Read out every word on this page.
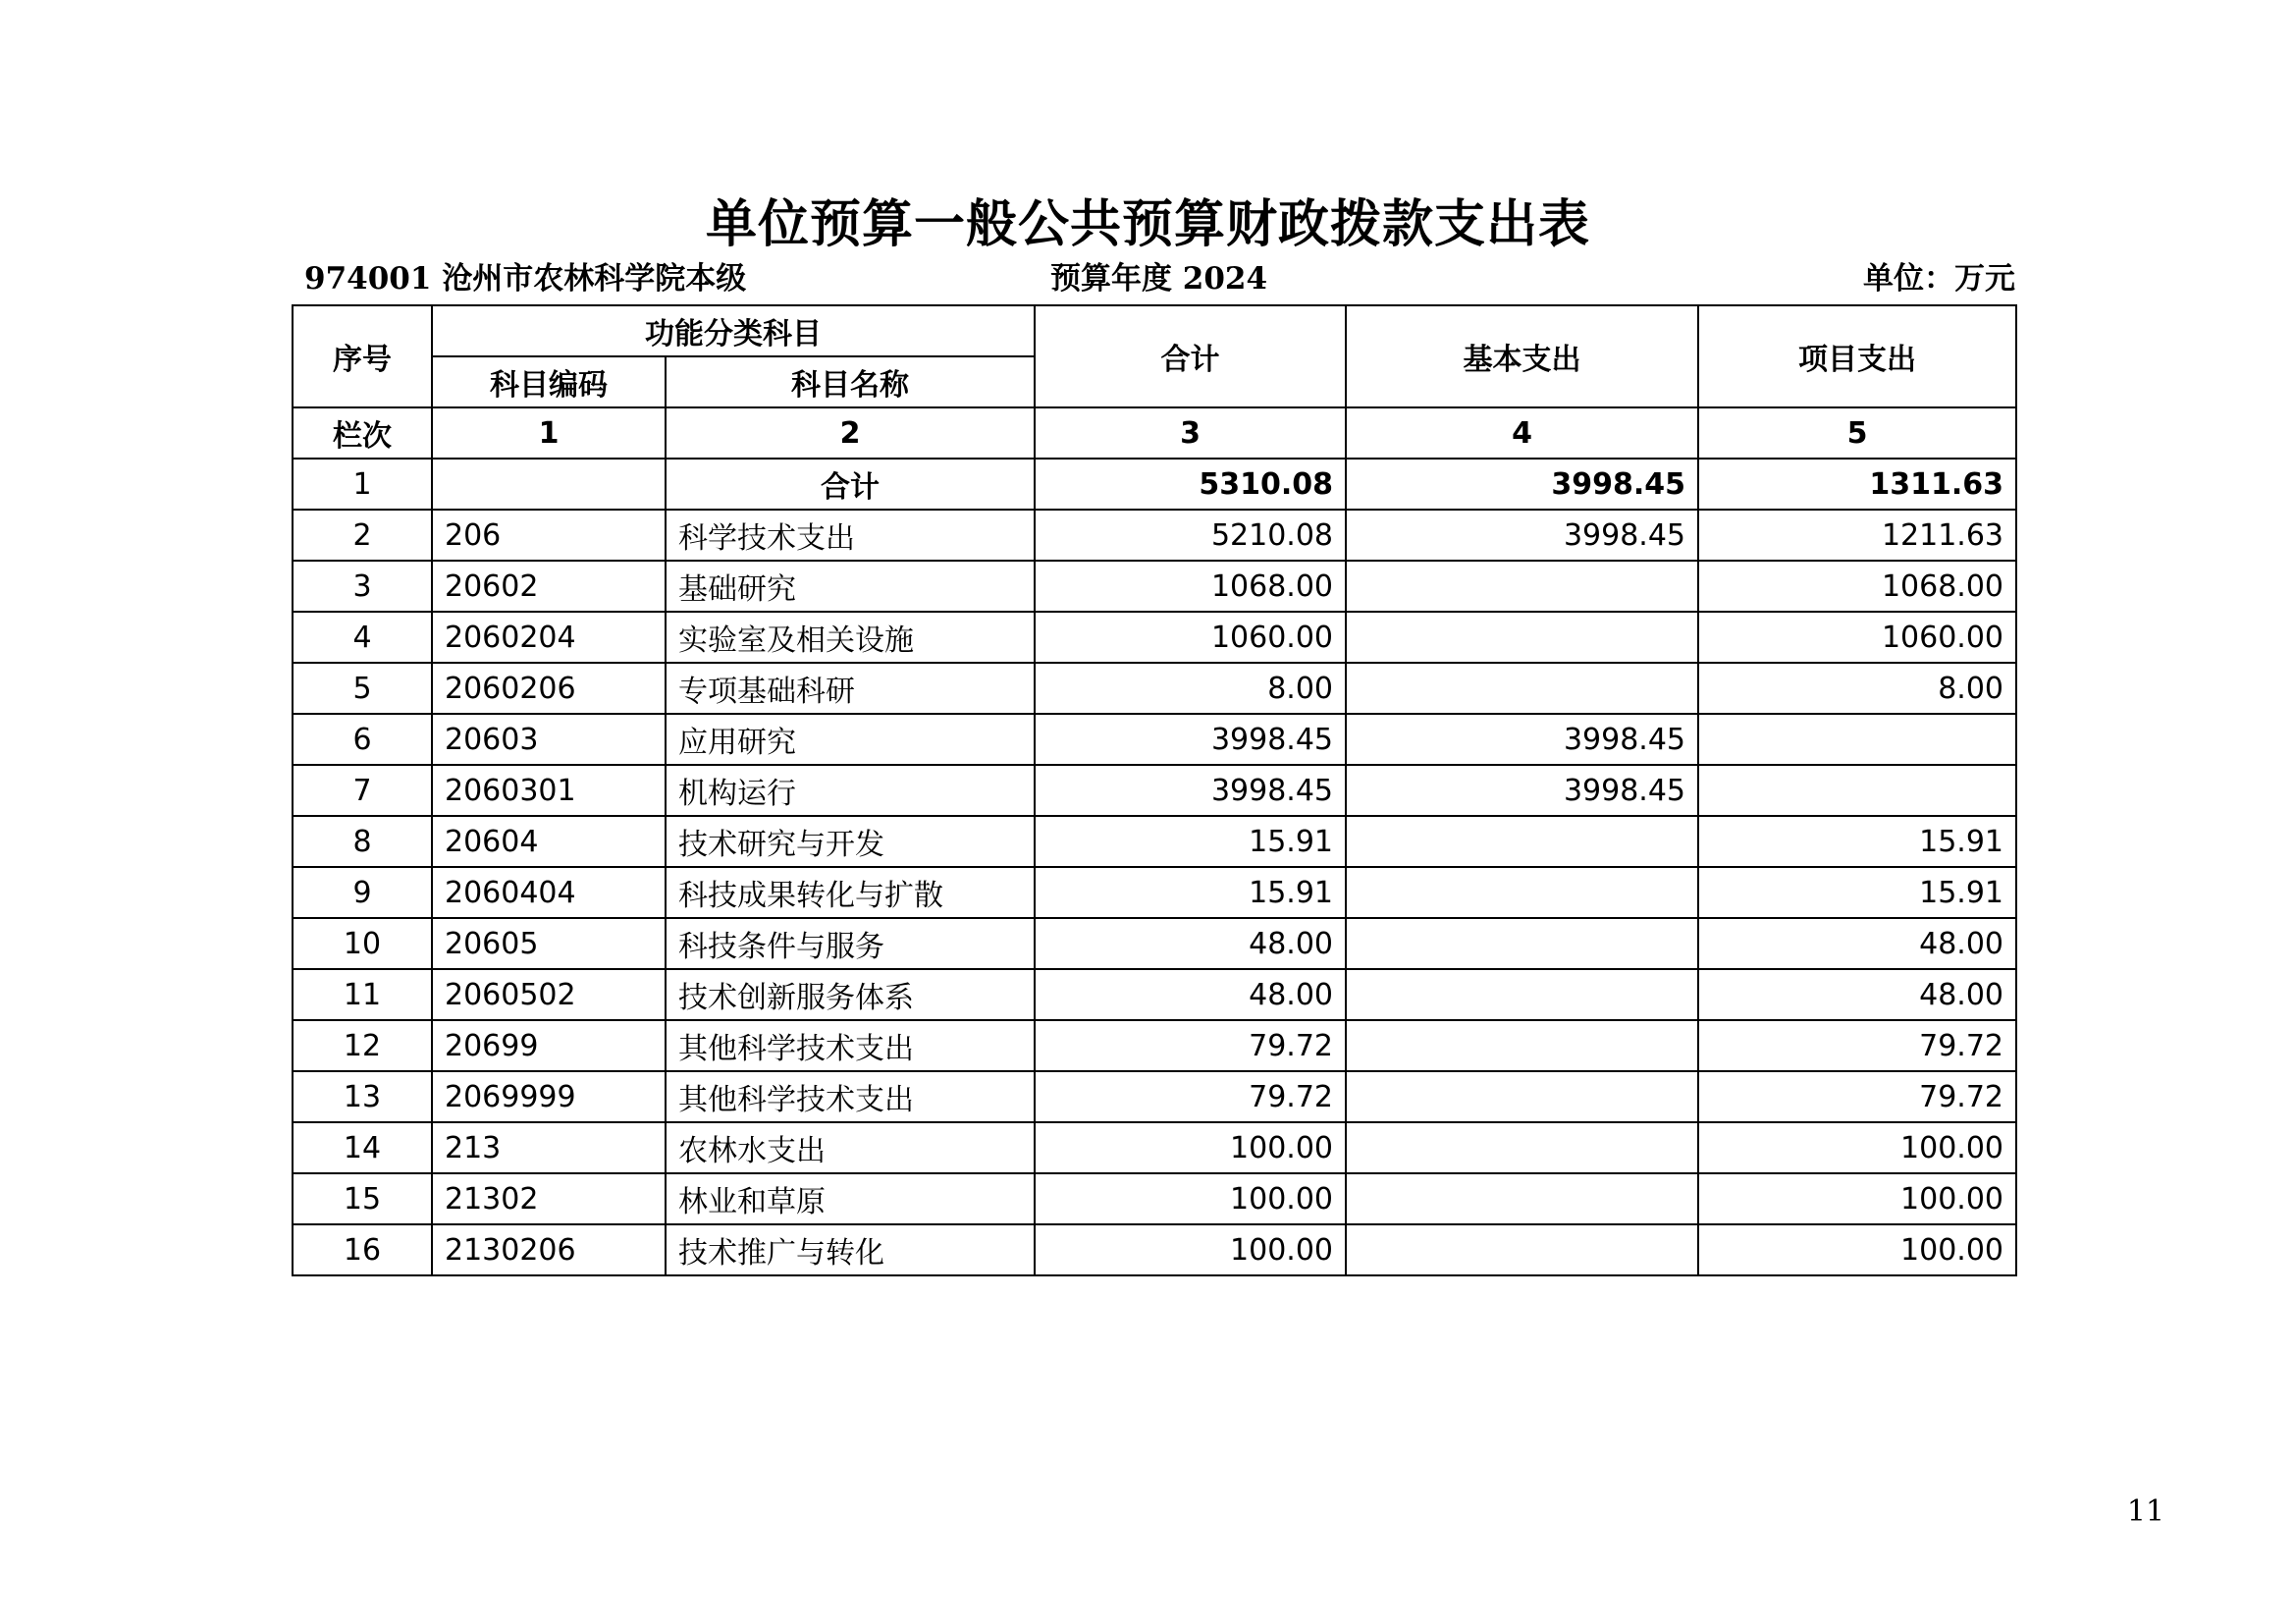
单位预算一般公共预算财政拨款支出表
974001 沧州市农林科学院本级	预算年度 2024	单位：万元
序号	功能分类科目		合计	基本支出	项目支出
	科目编码	科目名称			
栏次	1	2	3	4	5
1		合计	5310.08	3998.45	1311.63
2	206	科学技术支出	5210.08	3998.45	1211.63
3	20602	基础研究	1068.00		1068.00
4	2060204	实验室及相关设施	1060.00		1060.00
5	2060206	专项基础科研	8.00		8.00
6	20603	应用研究	3998.45	3998.45	
7	2060301	机构运行	3998.45	3998.45	
8	20604	技术研究与开发	15.91		15.91
9	2060404	科技成果转化与扩散	15.91		15.91
10	20605	科技条件与服务	48.00		48.00
11	2060502	技术创新服务体系	48.00		48.00
12	20699	其他科学技术支出	79.72		79.72
13	2069999	其他科学技术支出	79.72		79.72
14	213	农林水支出	100.00		100.00
15	21302	林业和草原	100.00		100.00
16	2130206	技术推广与转化	100.00		100.00
11
